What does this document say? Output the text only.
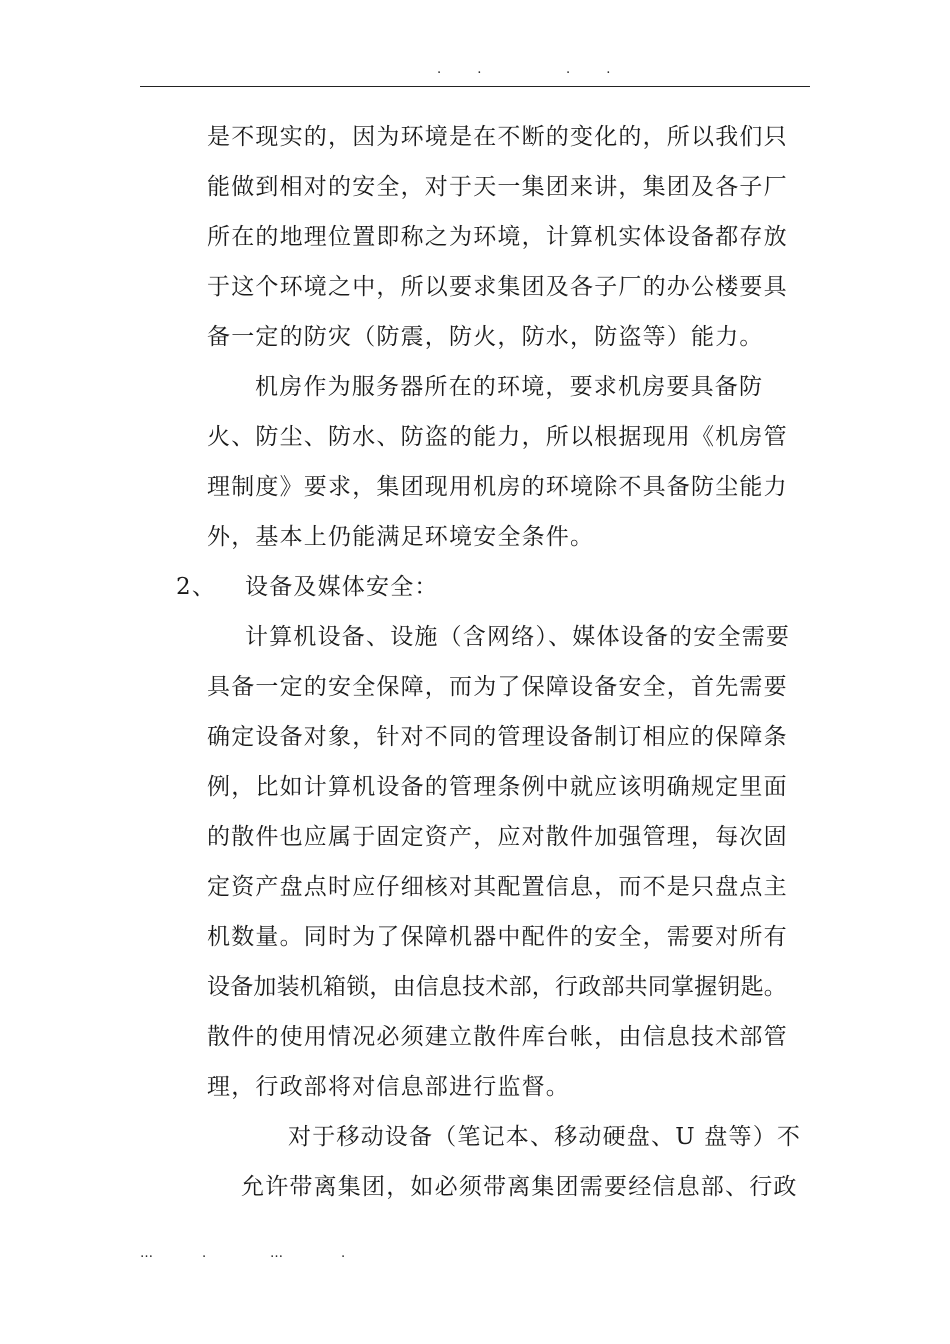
. .	. .
是不现实的，因为环境是在不断的变化的，所以我们只
能做到相对的安全，对于天一集团来讲，集团及各子厂
所在的地理位置即称之为环境，计算机实体设备都存放
于这个环境之中，所以要求集团及各子厂的办公楼要具
备一定的防灾（防震，防火，防水，防盗等）能力。
机房作为服务器所在的环境，要求机房要具备防
火、防尘、防水、防盗的能力，所以根据现用《机房管
理制度》要求，集团现用机房的环境除不具备防尘能力
外，基本上仍能满足环境安全条件。
2、 设备及媒体安全：
计算机设备、设施（含网络）、媒体设备的安全需要
具备一定的安全保障，而为了保障设备安全，首先需要
确定设备对象，针对不同的管理设备制订相应的保障条
例，比如计算机设备的管理条例中就应该明确规定里面
的散件也应属于固定资产，应对散件加强管理，每次固
定资产盘点时应仔细核对其配置信息，而不是只盘点主
机数量。同时为了保障机器中配件的安全，需要对所有
设备加装机箱锁，由信息技术部，行政部共同掌握钥匙。
散件的使用情况必须建立散件库台帐，由信息技术部管
理，行政部将对信息部进行监督。
对于移动设备（笔记本、移动硬盘、U 盘等）不
允许带离集团，如必须带离集团需要经信息部、行政
…	.	…	.
